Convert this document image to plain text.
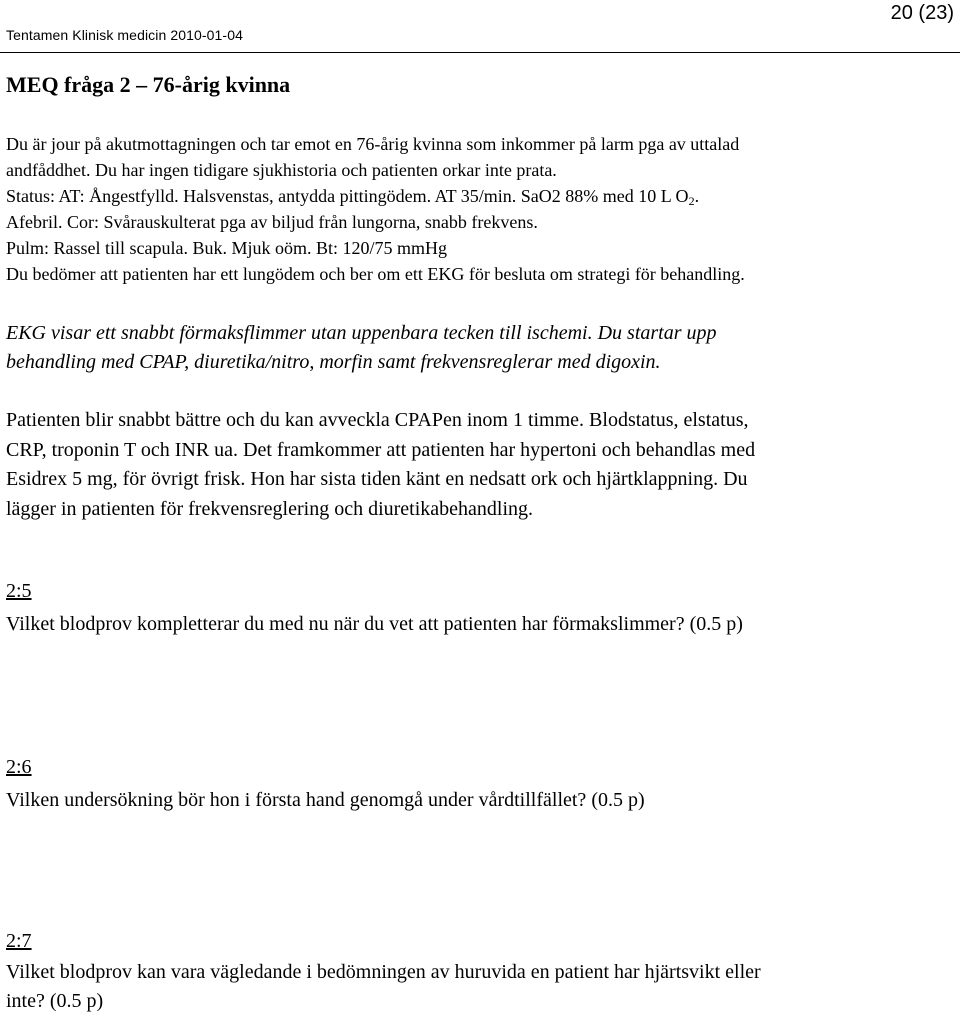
Tentamen Klinisk medicin 2010-01-04
20 (23)
MEQ fråga 2 – 76-årig kvinna
Du är jour på akutmottagningen och tar emot en 76-årig kvinna som inkommer på larm pga av uttalad
andfåddhet. Du har ingen tidigare sjukhistoria och patienten orkar inte prata.
Status: AT: Ångestfylld. Halsvenstas, antydda pittingödem. AT 35/min. SaO2 88% med 10 L $O_2$.
Afebril. Cor: Svårauskulterat pga av biljud från lungorna, snabb frekvens.
Pulm: Rassel till scapula. Buk. Mjuk oöm. Bt: 120/75 mmHg
Du bedömer att patienten har ett lungödem och ber om ett EKG för besluta om strategi för behandling.
EKG visar ett snabbt förmaksflimmer utan uppenbara tecken till ischemi. Du startar upp
behandling med CPAP, diuretika/nitro, morfin samt frekvensreglerar med digoxin.
Patienten blir snabbt bättre och du kan avveckla CPAPen inom 1 timme. Blodstatus, elstatus,
CRP, troponin T och INR ua. Det framkommer att patienten har hypertoni och behandlas med
Esidrex 5 mg, för övrigt frisk. Hon har sista tiden känt en nedsatt ork och hjärtklappning. Du
lägger in patienten för frekvensreglering och diuretikabehandling.
2:5
Vilket blodprov kompletterar du med nu när du vet att patienten har förmakslimmer? (0.5 p)
2:6
Vilken undersökning bör hon i första hand genomgå under vårdtillfället? (0.5 p)
2:7
Vilket blodprov kan vara vägledande i bedömningen av huruvida en patient har hjärtsvikt eller
inte? (0.5 p)
